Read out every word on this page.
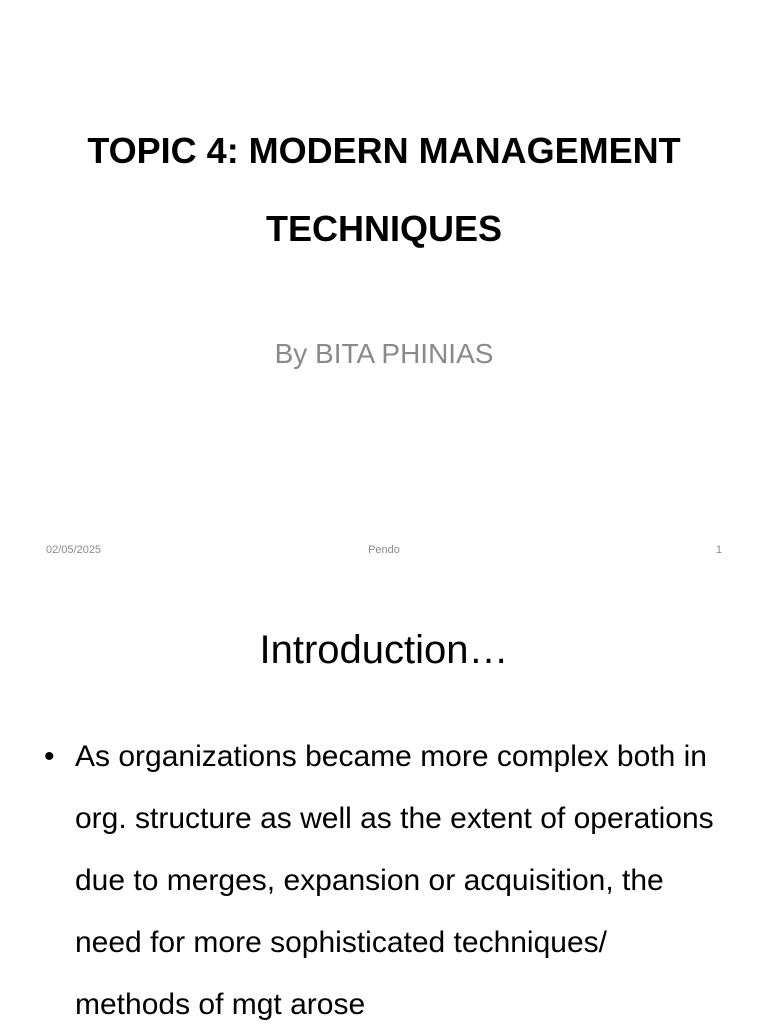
TOPIC 4: MODERN MANAGEMENT
TECHNIQUES
By BITA PHINIAS
02/05/2025	Pendo	1
Introduction…
• As organizations became more complex both in org. structure as well as the extent of operations due to merges, expansion or acquisition, the need for more sophisticated techniques/ methods of mgt arose
